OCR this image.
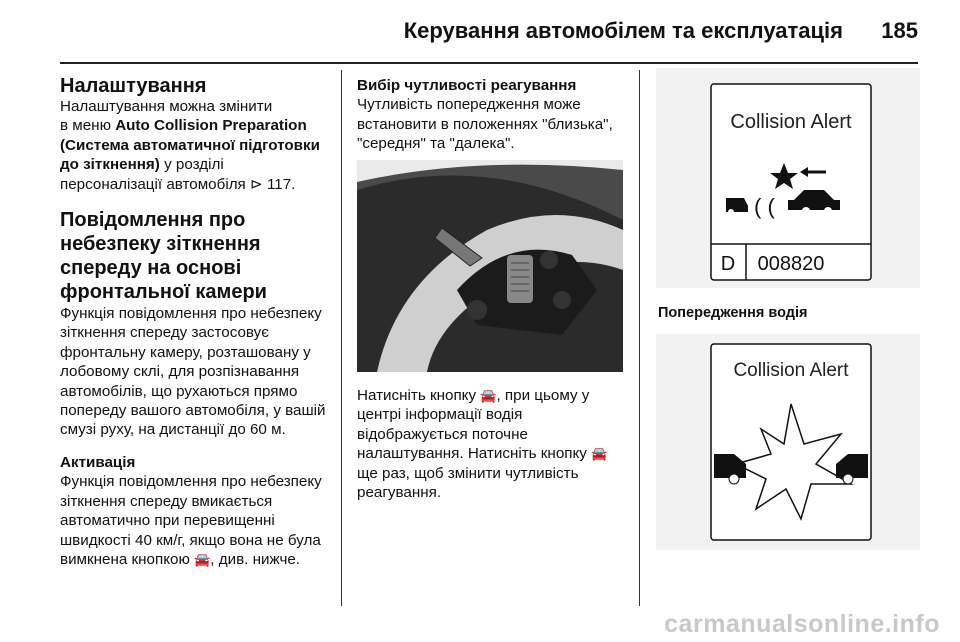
Керування автомобілем та експлуатація 185
Налаштування
Налаштування можна змінити
в меню Auto Collision Preparation (Система автоматичної підготовки до зіткнення) у розділі
персоналізації автомобіля ⊳ 117.
Повідомлення про небезпеку зіткнення спереду на основі фронтальної камери
Функція повідомлення про небезпеку зіткнення спереду застосовує фронтальну камеру, розташовану у лобовому склі, для розпізнавання автомобілів, що рухаються прямо попереду вашого автомобіля, у вашій смузі руху, на дистанції до 60 м.
Активація
Функція повідомлення про небезпеку зіткнення спереду вмикається автоматично при перевищенні швидкості 40 км/г, якщо вона не була вимкнена кнопкою 🚘, див. нижче.
Вибір чутливості реагування
Чутливість попередження може встановити в положеннях "близька", "середня" та "далека".
Натисніть кнопку 🚘, при цьому у центрі інформації водія відображується поточне налаштування. Натисніть кнопку 🚘 ще раз, щоб змінити чутливість реагування.
Collision Alert
( (
D 008820
Попередження водія
Collision Alert
carmanualsonline.info
